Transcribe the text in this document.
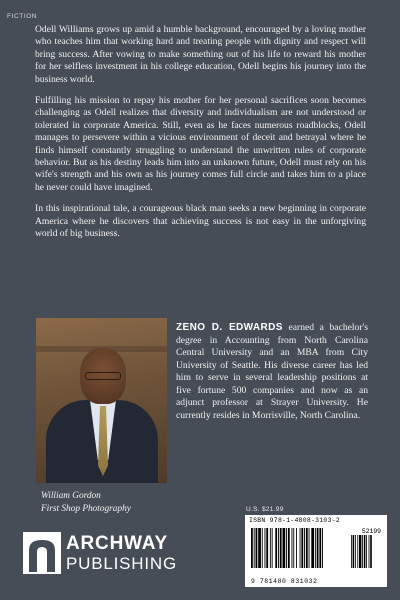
FICTION

Odell Williams grows up amid a humble background, encouraged by a loving mother who teaches him that working hard and treating people with dignity and respect will bring success. After vowing to make something out of his life to reward his mother for her selfless investment in his college education, Odell begins his journey into the business world.

Fulfilling his mission to repay his mother for her personal sacrifices soon becomes challenging as Odell realizes that diversity and individualism are not understood or tolerated in corporate America. Still, even as he faces numerous roadblocks, Odell manages to persevere within a vicious environment of deceit and betrayal where he finds himself constantly struggling to understand the unwritten rules of corporate behavior. But as his destiny leads him into an unknown future, Odell must rely on his wife's strength and his own as his journey comes full circle and takes him to a place he never could have imagined.

In this inspirational tale, a courageous black man seeks a new beginning in corporate America where he discovers that achieving success is not easy in the unforgiving world of big business.

ZENO D. EDWARDS earned a bachelor's degree in Accounting from North Carolina Central University and an MBA from City University of Seattle. His diverse career has led him to serve in several leadership positions at five fortune 500 companies and now as an adjunct professor at Strayer University. He currently resides in Morrisville, North Carolina.
William Gordon
First Shop Photography
ARCHWAY
PUBLISHING
U.S. $21.99
ISBN 978-1-4808-3103-2
52199
9 781480 831032
